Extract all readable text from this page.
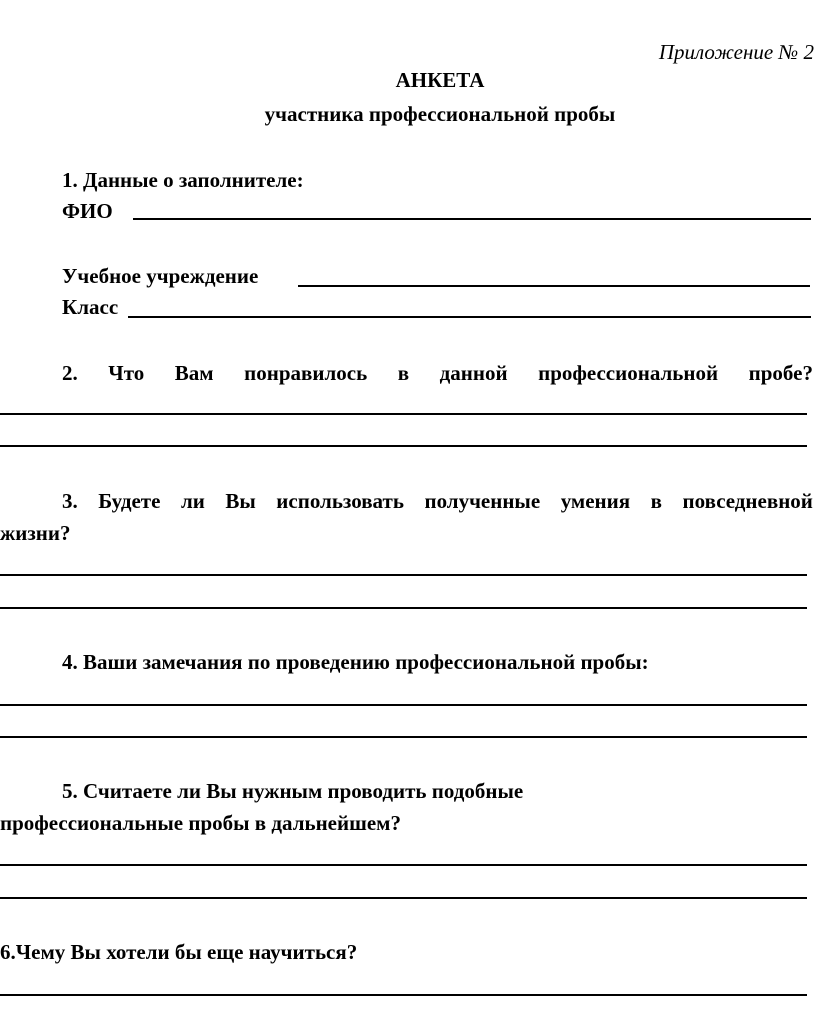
Приложение № 2
АНКЕТА
участника профессиональной пробы
1. Данные о заполнителе:
ФИО
Учебное учреждение
Класс
2. Что Вам понравилось в данной профессиональной пробе?
3. Будете ли Вы использовать полученные умения в повседневной
жизни?
4. Ваши замечания по проведению профессиональной пробы:
5. Считаете ли Вы нужным проводить подобные
профессиональные пробы в дальнейшем?
6.Чему Вы хотели бы еще научиться?
